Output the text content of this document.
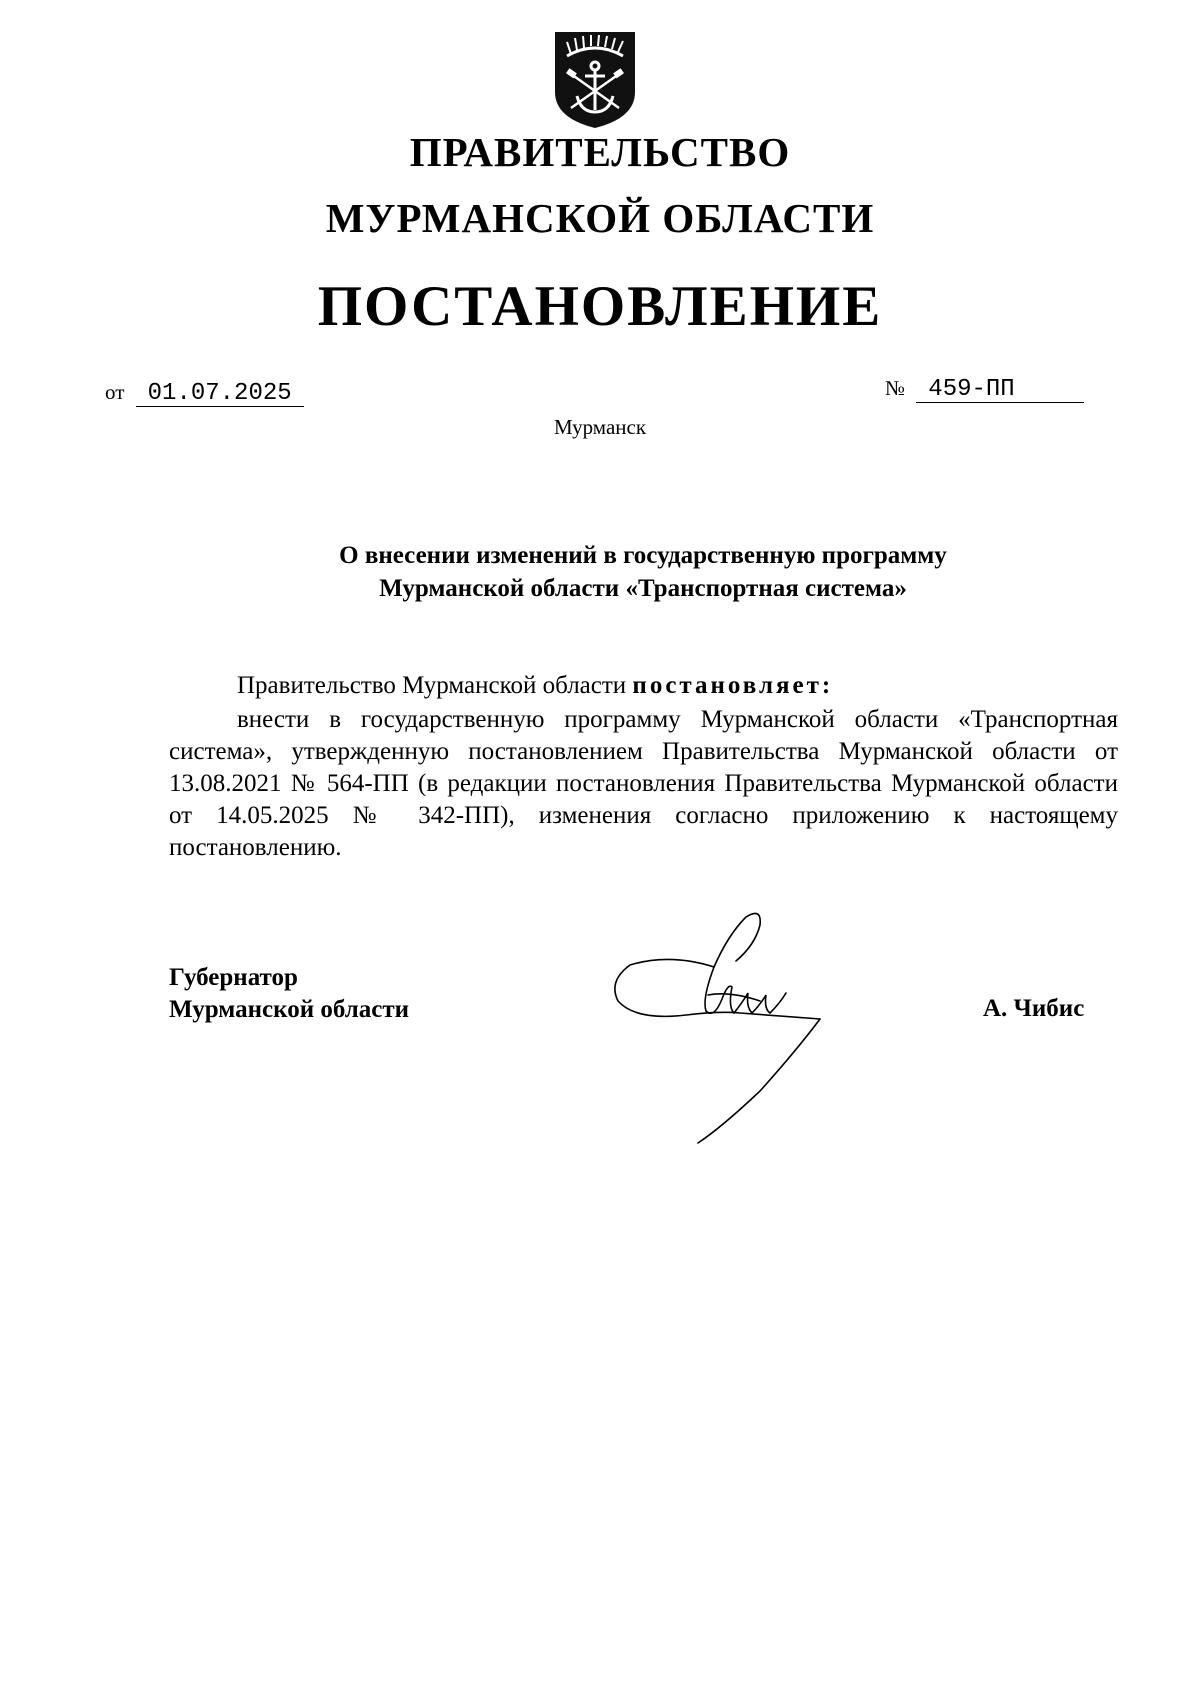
ПРАВИТЕЛЬСТВО
МУРМАНСКОЙ ОБЛАСТИ
ПОСТАНОВЛЕНИЕ
от 01.07.2025	№ 459-ПП
Мурманск
О внесении изменений в государственную программу
Мурманской области «Транспортная система»
Правительство Мурманской области постановляет:
внести в государственную программу Мурманской области «Транспортная система», утвержденную постановлением Правительства Мурманской области от 13.08.2021 № 564-ПП (в редакции постановления Правительства Мурманской области от 14.05.2025 № 342-ПП), изменения согласно приложению к настоящему постановлению.
Губернатор
Мурманской области	А. Чибис
